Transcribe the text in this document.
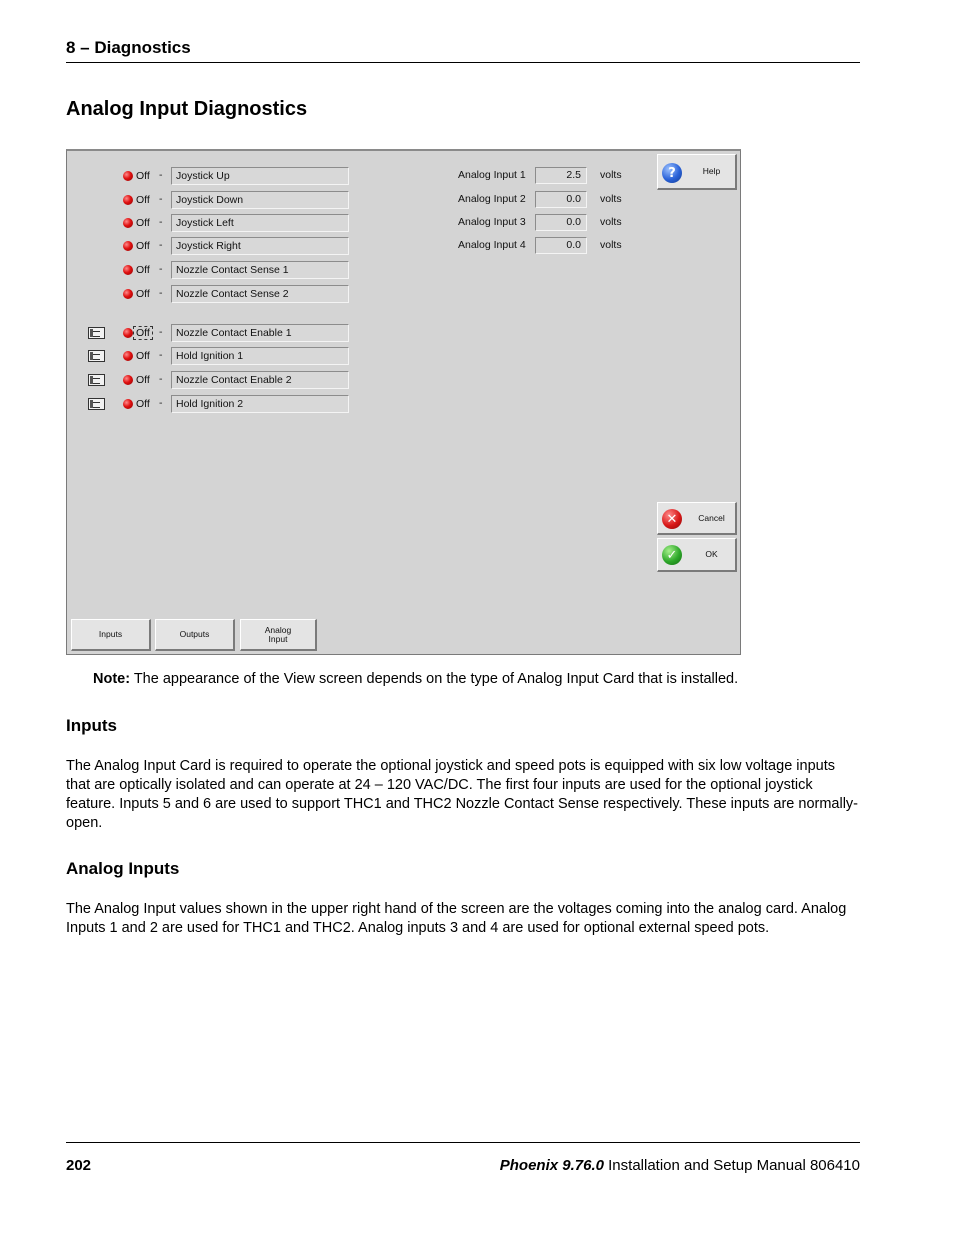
8 – Diagnostics
Analog Input Diagnostics
Off -	Joystick Up
Off -	Joystick Down
Off -	Joystick Left
Off -	Joystick Right
Off -	Nozzle Contact Sense 1
Off -	Nozzle Contact Sense 2
Off -	Nozzle Contact Enable 1
Off -	Hold Ignition 1
Off -	Nozzle Contact Enable 2
Off -	Hold Ignition 2
Analog Input 1	2.5	volts
Analog Input 2	0.0	volts
Analog Input 3	0.0	volts
Analog Input 4	0.0	volts
?	Help
✕	Cancel
✓	OK
Inputs	Outputs	Analog
Input

Note: The appearance of the View screen depends on the type of Analog Input Card that is installed.

Inputs

The Analog Input Card is required to operate the optional joystick and speed pots is equipped with six low voltage inputs that are optically isolated and can operate at 24 – 120 VAC/DC. The first four inputs are used for the optional joystick feature. Inputs 5 and 6 are used to support THC1 and THC2 Nozzle Contact Sense respectively. These inputs are normally-open.

Analog Inputs

The Analog Input values shown in the upper right hand of the screen are the voltages coming into the analog card. Analog Inputs 1 and 2 are used for THC1 and THC2. Analog inputs 3 and 4 are used for optional external speed pots.

202	Phoenix 9.76.0 Installation and Setup Manual 806410
